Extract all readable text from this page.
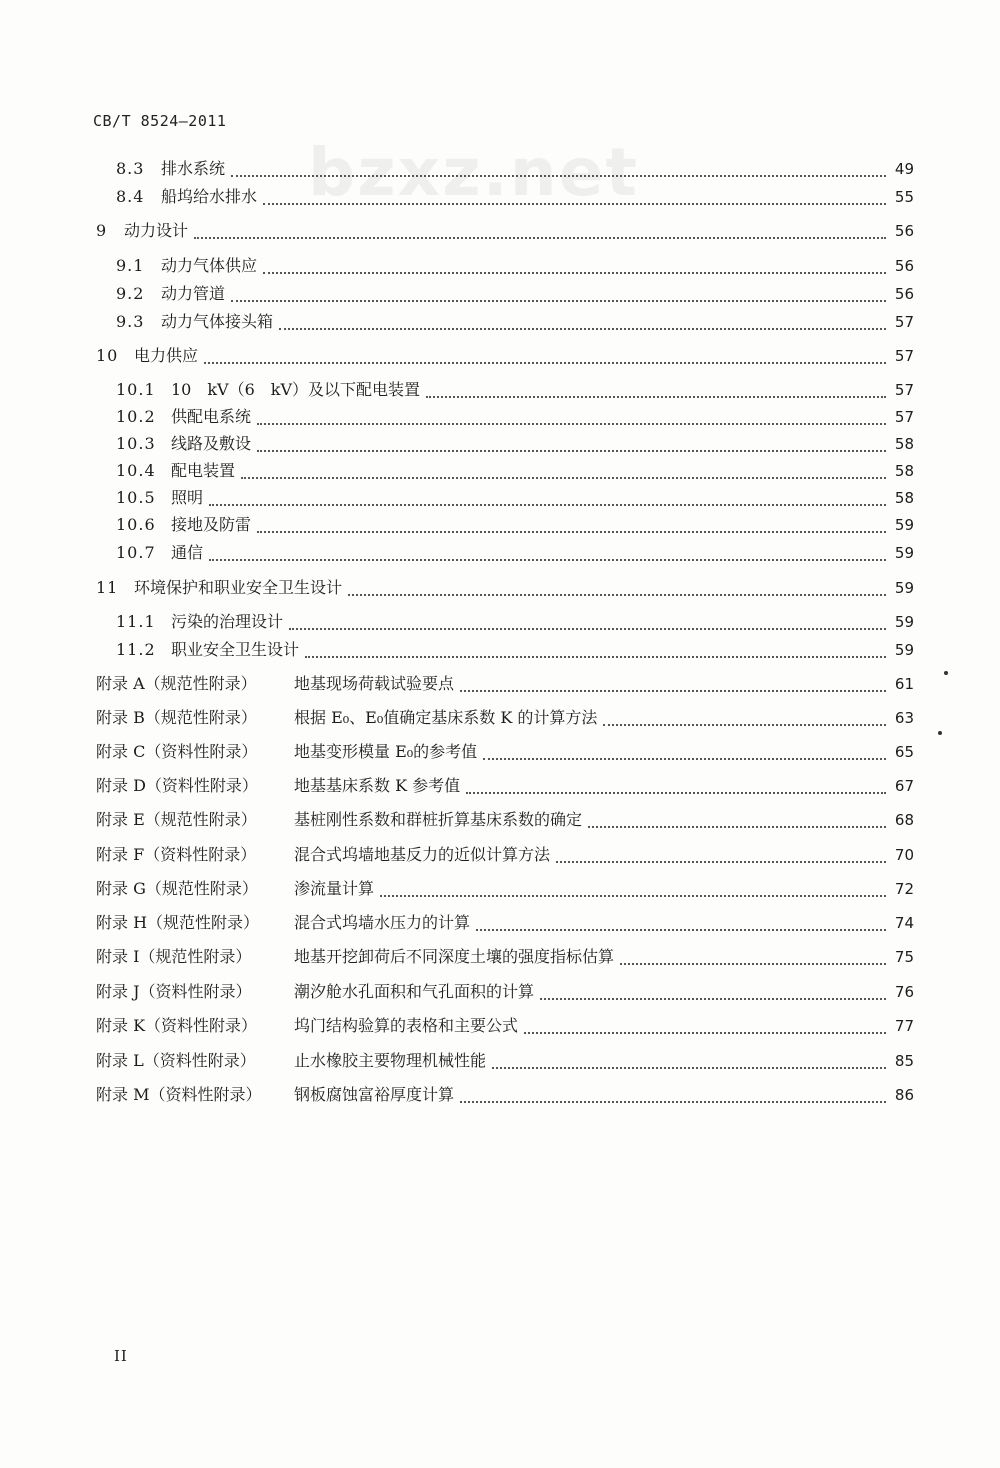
CB/T 8524—2011
bzxz.net
8.3	排水系统	49
8.4	船坞给水排水	55
9	动力设计	56
9.1	动力气体供应	56
9.2	动力管道	56
9.3	动力气体接头箱	57
10 电力供应	57
10.1 10　kV（6　kV）及以下配电装置	57
10.2 供配电系统	57
10.3 线路及敷设	58
10.4 配电装置	58
10.5 照明	58
10.6 接地及防雷	59
10.7 通信	59
11 环境保护和职业安全卫生设计	59
11.1 污染的治理设计	59
11.2 职业安全卫生设计	59
附录 A（规范性附录）	地基现场荷载试验要点	61
附录 B（规范性附录）	根据 E₀、E₀值确定基床系数 K 的计算方法	63
附录 C（资料性附录）	地基变形模量 E₀的参考值	65
附录 D（资料性附录）	地基基床系数 K 参考值	67
附录 E（规范性附录）	基桩刚性系数和群桩折算基床系数的确定	68
附录 F（资料性附录）	混合式坞墙地基反力的近似计算方法	70
附录 G（规范性附录）	渗流量计算	72
附录 H（规范性附录）	混合式坞墙水压力的计算	74
附录 I（规范性附录）	地基开挖卸荷后不同深度土壤的强度指标估算	75
附录 J（资料性附录）	潮汐舱水孔面积和气孔面积的计算	76
附录 K（资料性附录）	坞门结构验算的表格和主要公式	77
附录 L（资料性附录）	止水橡胶主要物理机械性能	85
附录 M（资料性附录）	钢板腐蚀富裕厚度计算	86
II
